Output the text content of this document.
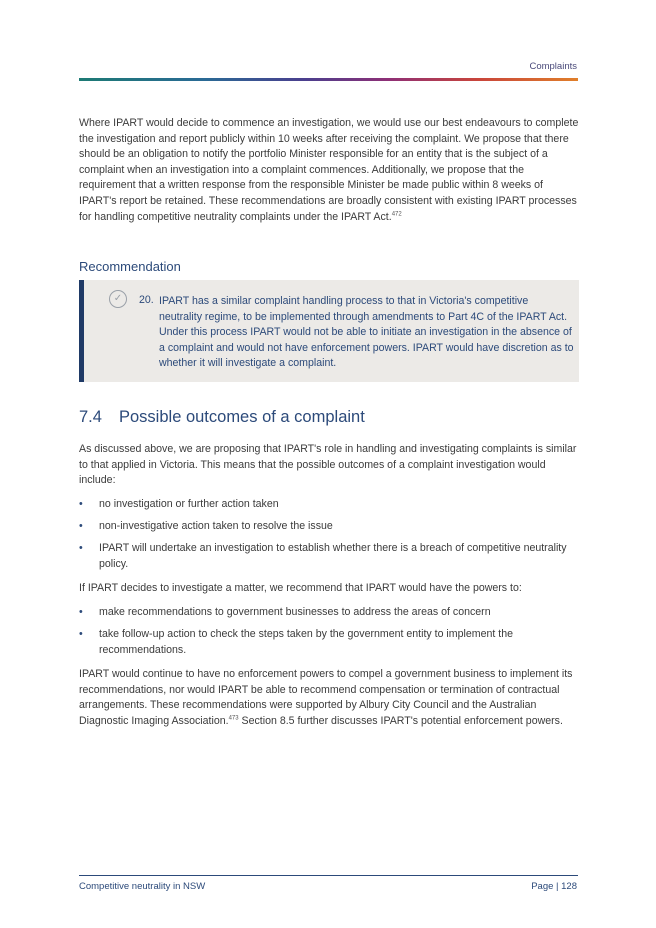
Complaints
Where IPART would decide to commence an investigation, we would use our best endeavours to complete the investigation and report publicly within 10 weeks after receiving the complaint. We propose that there should be an obligation to notify the portfolio Minister responsible for an entity that is the subject of a complaint when an investigation into a complaint commences. Additionally, we propose that the requirement that a written response from the responsible Minister be made public within 8 weeks of IPART's report be retained. These recommendations are broadly consistent with existing IPART processes for handling competitive neutrality complaints under the IPART Act.$^{472}$
Recommendation
✓	20. IPART has a similar complaint handling process to that in Victoria's competitive neutrality regime, to be implemented through amendments to Part 4C of the IPART Act. Under this process IPART would not be able to initiate an investigation in the absence of a complaint and would not have enforcement powers. IPART would have discretion as to whether it will investigate a complaint.
7.4 Possible outcomes of a complaint
As discussed above, we are proposing that IPART's role in handling and investigating complaints is similar to that applied in Victoria. This means that the possible outcomes of a complaint investigation would include:
• no investigation or further action taken
• non-investigative action taken to resolve the issue
• IPART will undertake an investigation to establish whether there is a breach of competitive neutrality policy.
If IPART decides to investigate a matter, we recommend that IPART would have the powers to:
• make recommendations to government businesses to address the areas of concern
• take follow-up action to check the steps taken by the government entity to implement the recommendations.
IPART would continue to have no enforcement powers to compel a government business to implement its recommendations, nor would IPART be able to recommend compensation or termination of contractual arrangements. These recommendations were supported by Albury City Council and the Australian Diagnostic Imaging Association.$^{473}$ Section 8.5 further discusses IPART's potential enforcement powers.
Competitive neutrality in NSW	Page | 128
